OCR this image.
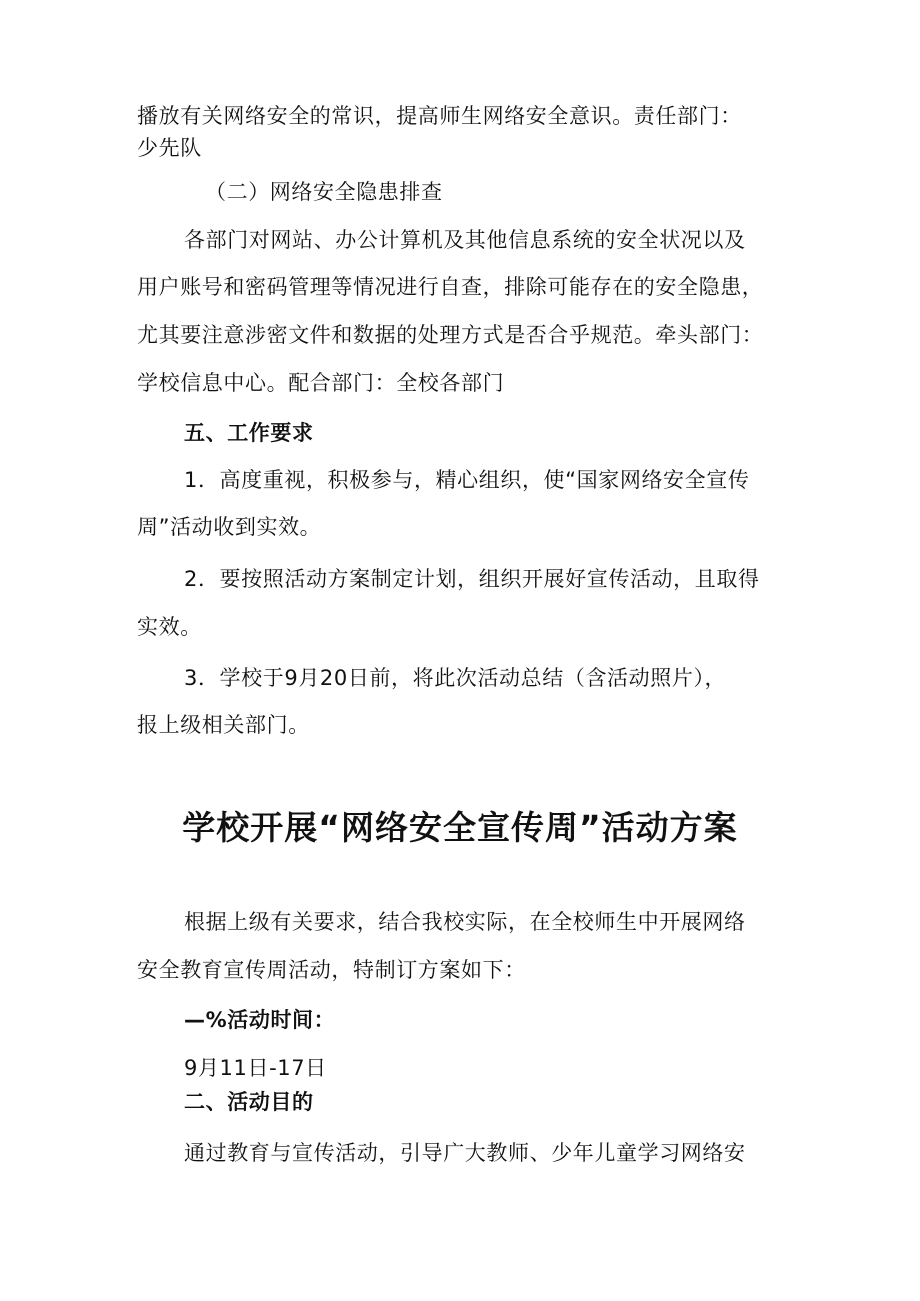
播放有关网络安全的常识，提高师生网络安全意识。责任部门：
少先队
（二）网络安全隐患排查
各部门对网站、办公计算机及其他信息系统的安全状况以及
用户账号和密码管理等情况进行自查，排除可能存在的安全隐患，
尤其要注意涉密文件和数据的处理方式是否合乎规范。牵头部门：
学校信息中心。配合部门：全校各部门
五、工作要求
1．高度重视，积极参与，精心组织，使“国家网络安全宣传
周”活动收到实效。
2．要按照活动方案制定计划，组织开展好宣传活动，且取得
实效。
3．学校于9月20日前，将此次活动总结（含活动照片），
报上级相关部门。
学校开展“网络安全宣传周”活动方案
根据上级有关要求，结合我校实际，在全校师生中开展网络
安全教育宣传周活动，特制订方案如下：
—%活动时间：
9月11日-17日
二、活动目的
通过教育与宣传活动，引导广大教师、少年儿童学习网络安
